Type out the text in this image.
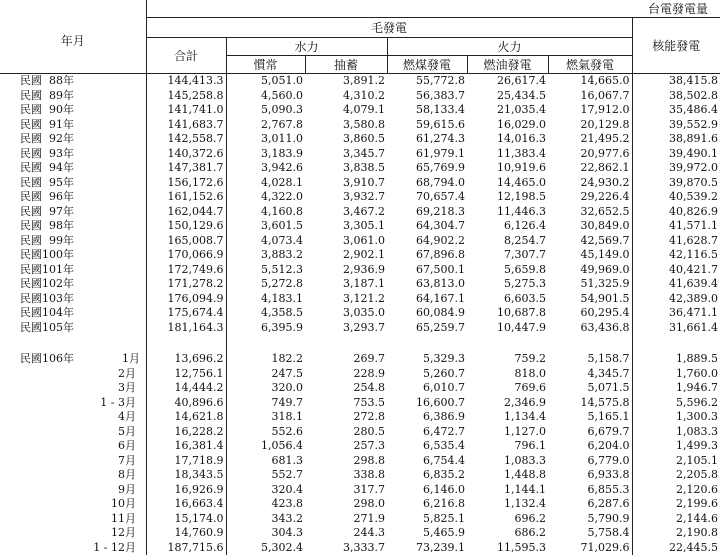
年月	台電發電量						
	毛發電						核能發電
	合計	水力		火力			
		慣常	抽蓄	燃煤發電	燃油發電	燃氣發電	
民國  88年	144,413.3	5,051.0	3,891.2	55,772.8	26,617.4	14,665.0	38,415.8
民國  89年	145,258.8	4,560.0	4,310.2	56,383.7	25,434.5	16,067.7	38,502.8
民國  90年	141,741.0	5,090.3	4,079.1	58,133.4	21,035.4	17,912.0	35,486.4
民國  91年	141,683.7	2,767.8	3,580.8	59,615.6	16,029.0	20,129.8	39,552.9
民國  92年	142,558.7	3,011.0	3,860.5	61,274.3	14,016.3	21,495.2	38,891.6
民國  93年	140,372.6	3,183.9	3,345.7	61,979.1	11,383.4	20,977.6	39,490.1
民國  94年	147,381.7	3,942.6	3,838.5	65,769.9	10,919.6	22,862.1	39,972.0
民國  95年	156,172.6	4,028.1	3,910.7	68,794.0	14,465.0	24,930.2	39,870.5
民國  96年	161,152.6	4,322.0	3,932.7	70,657.4	12,198.5	29,226.4	40,539.2
民國  97年	162,044.7	4,160.8	3,467.2	69,218.3	11,446.3	32,652.5	40,826.9
民國  98年	150,129.6	3,601.5	3,305.1	64,304.7	6,126.4	30,849.0	41,571.1
民國  99年	165,008.7	4,073.4	3,061.0	64,902.2	8,254.7	42,569.7	41,628.7
民國100年	170,066.9	3,883.2	2,902.1	67,896.8	7,307.7	45,149.0	42,116.5
民國101年	172,749.6	5,512.3	2,936.9	67,500.1	5,659.8	49,969.0	40,421.7
民國102年	171,278.2	5,272.8	3,187.1	63,813.0	5,275.3	51,325.9	41,639.4
民國103年	176,094.9	4,183.1	3,121.2	64,167.1	6,603.5	54,901.5	42,389.0
民國104年	175,674.4	4,358.5	3,035.0	60,084.9	10,687.8	60,295.4	36,471.1
民國105年	181,164.3	6,395.9	3,293.7	65,259.7	10,447.9	63,436.8	31,661.4

民國106年 1月	13,696.2	182.2	269.7	5,329.3	759.2	5,158.7	1,889.5
2月	12,756.1	247.5	228.9	5,260.7	818.0	4,345.7	1,760.0
3月	14,444.2	320.0	254.8	6,010.7	769.6	5,071.5	1,946.7
1 - 3月	40,896.6	749.7	753.5	16,600.7	2,346.9	14,575.8	5,596.2
4月	14,621.8	318.1	272.8	6,386.9	1,134.4	5,165.1	1,300.3
5月	16,228.2	552.6	280.5	6,472.7	1,127.0	6,679.7	1,083.3
6月	16,381.4	1,056.4	257.3	6,535.4	796.1	6,204.0	1,499.3
7月	17,718.9	681.3	298.8	6,754.4	1,083.3	6,779.0	2,105.1
8月	18,343.5	552.7	338.8	6,835.2	1,448.8	6,933.8	2,205.8
9月	16,926.9	320.4	317.7	6,146.0	1,144.1	6,855.3	2,120.6
10月	16,663.4	423.8	298.0	6,216.8	1,132.4	6,287.6	2,199.6
11月	15,174.0	343.2	271.9	5,825.1	696.2	5,790.9	2,144.6
12月	14,760.9	304.3	244.3	5,465.9	686.2	5,758.4	2,190.8
1 - 12月	187,715.6	5,302.4	3,333.7	73,239.1	11,595.3	71,029.6	22,445.5
